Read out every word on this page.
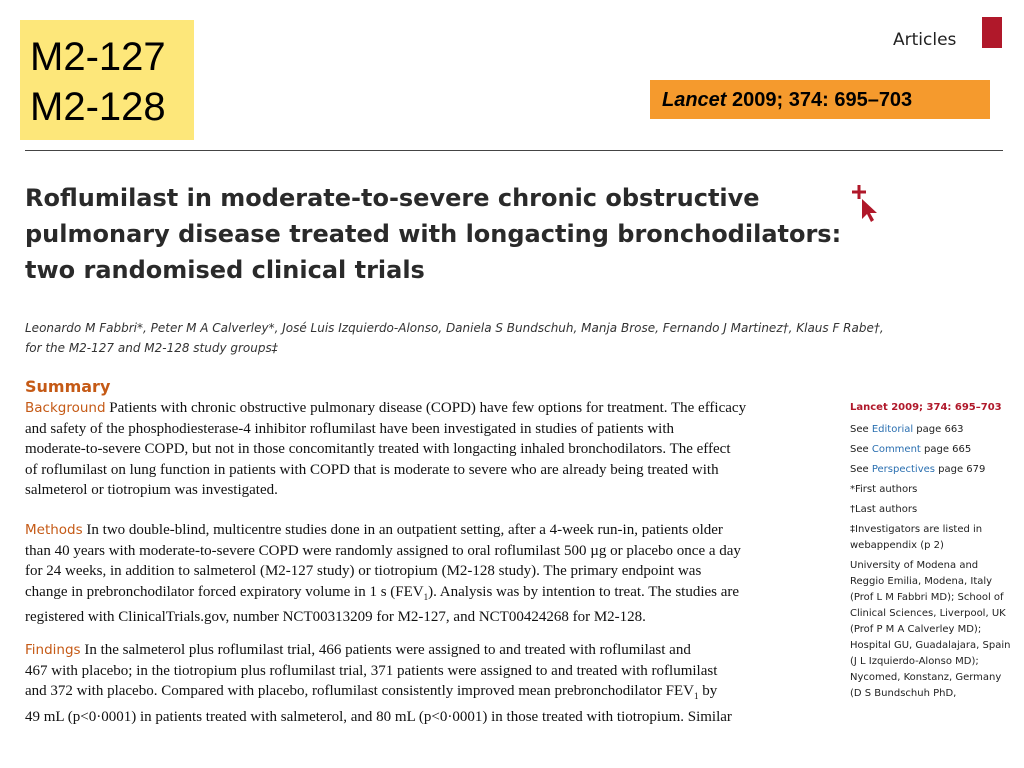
M2-127
M2-128
Articles
Lancet 2009; 374: 695–703
Roflumilast in moderate-to-severe chronic obstructive
pulmonary disease treated with longacting bronchodilators:
two randomised clinical trials
Leonardo M Fabbri*, Peter M A Calverley*, José Luis Izquierdo-Alonso, Daniela S Bundschuh, Manja Brose, Fernando J Martinez†, Klaus F Rabe†,
for the M2-127 and M2-128 study groups‡
Summary
Background Patients with chronic obstructive pulmonary disease (COPD) have few options for treatment. The efficacy
and safety of the phosphodiesterase-4 inhibitor roflumilast have been investigated in studies of patients with
moderate-to-severe COPD, but not in those concomitantly treated with longacting inhaled bronchodilators. The effect
of roflumilast on lung function in patients with COPD that is moderate to severe who are already being treated with
salmeterol or tiotropium was investigated.
Methods In two double-blind, multicentre studies done in an outpatient setting, after a 4-week run-in, patients older
than 40 years with moderate-to-severe COPD were randomly assigned to oral roflumilast 500 µg or placebo once a day
for 24 weeks, in addition to salmeterol (M2-127 study) or tiotropium (M2-128 study). The primary endpoint was
change in prebronchodilator forced expiratory volume in 1 s $(FEV_1)$. Analysis was by intention to treat. The studies are
registered with ClinicalTrials.gov, number NCT00313209 for M2-127, and NCT00424268 for M2-128.
Findings In the salmeterol plus roflumilast trial, 466 patients were assigned to and treated with roflumilast and
467 with placebo; in the tiotropium plus roflumilast trial, 371 patients were assigned to and treated with roflumilast
and 372 with placebo. Compared with placebo, roflumilast consistently improved mean prebronchodilator $FEV_1$ by
49 mL (p<0·0001) in patients treated with salmeterol, and 80 mL (p<0·0001) in those treated with tiotropium. Similar
Lancet 2009; 374: 695–703
See Editorial page 663
See Comment page 665
See Perspectives page 679
*First authors
†Last authors
‡Investigators are listed in
webappendix (p 2)
University of Modena and
Reggio Emilia, Modena, Italy
(Prof L M Fabbri MD); School of
Clinical Sciences, Liverpool, UK
(Prof P M A Calverley MD);
Hospital GU, Guadalajara, Spain
(J L Izquierdo-Alonso MD);
Nycomed, Konstanz, Germany
(D S Bundschuh PhD,
